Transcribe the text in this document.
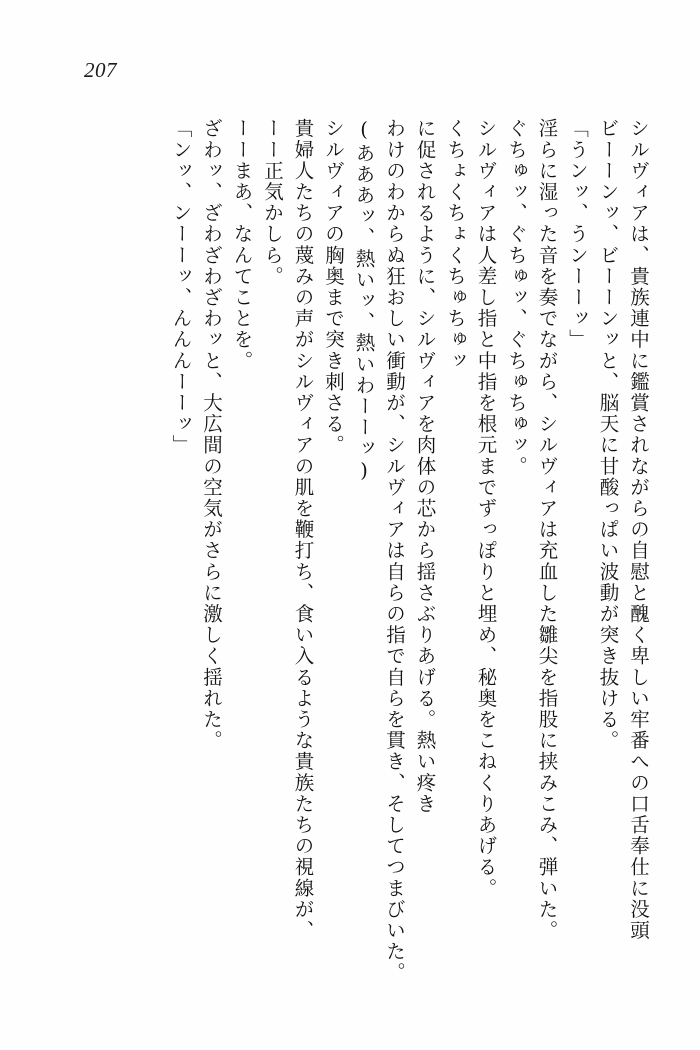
207
「ンッ、ンーーッ、んんんーーッ」 ざわッ、ざわざわざわッと、大広間の空気がさらに激しく揺れた。 ーーまあ、なんてことを。 ーー正気かしら。 貴婦人たちの蔑みの声がシルヴィアの肌を鞭打ち、食い入るような貴族たちの視線が、 シルヴィアの胸奥まで突き刺さる。 (あああッ、熱いッ、熱いわーーッ) わけのわからぬ狂おしい衝動が、シルヴィアは自らの指で自らを貫き、そしてつまびいた。 に促されるように、シルヴィアを肉体の芯から揺さぶりあげる。熱い疼き くちょくちょくちゅちゅッ シルヴィアは人差し指と中指を根元までずっぽりと埋め、秘奥をこねくりあげる。 ぐちゅッ、ぐちゅッ、ぐちゅちゅッ。 淫らに湿った音を奏でながら、シルヴィアは充血した雛尖を指股に挟みこみ、弾いた。 「うンッ、うンーーッ」 ビーーンッ、ビーーンッと、脳天に甘酸っぱい波動が突き抜ける。 シルヴィアは、貴族連中に鑑賞されながらの自慰と醜く卑しい牢番への口舌奉仕に没頭
